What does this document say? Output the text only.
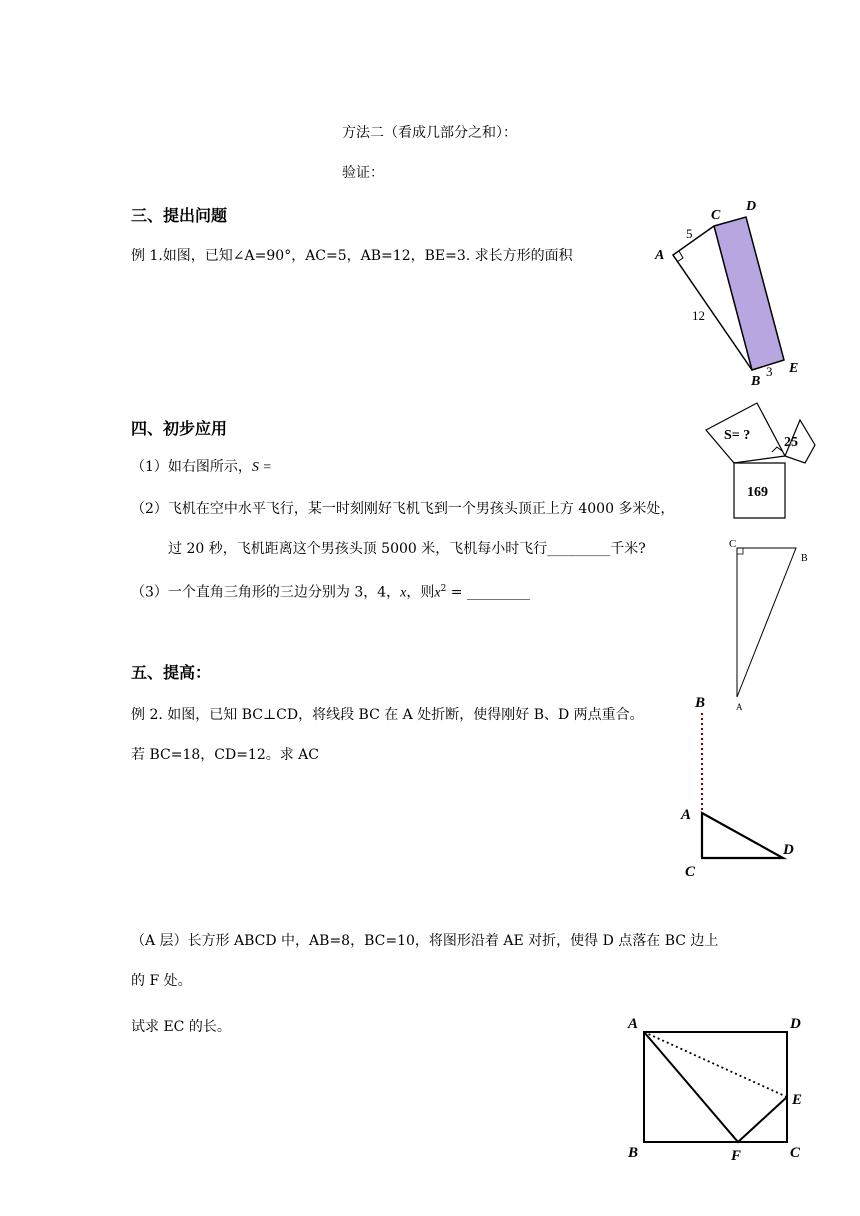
方法二（看成几部分之和）：
验证：
三、提出问题
例 1.如图，已知∠A=90°，AC=5，AB=12，BE=3. 求长方形的面积	A
C
D
B
E
5
12
3
四、初步应用
（1）如右图所示，S =
（2）飞机在空中水平飞行，某一时刻刚好飞机飞到一个男孩头顶正上方 4000 多米处，
过 20 秒，飞机距离这个男孩头顶 5000 米，飞机每小时飞行_________千米?
（3）一个直角三角形的三边分别为 3，4，x，则$x^2$ = _________
S= ? 25
169
C
B
A
五、提高：
例 2. 如图，已知 BC⊥CD，将线段 BC 在 A 处折断，使得刚好 B、D 两点重合。
若 BC=18，CD=12。求 AC
B
A
C
D
（A 层）长方形 ABCD 中，AB=8，BC=10，将图形沿着 AE 对折，使得 D 点落在 BC 边上
的 F 处。
试求 EC 的长。	A	D
E
B	F	C
